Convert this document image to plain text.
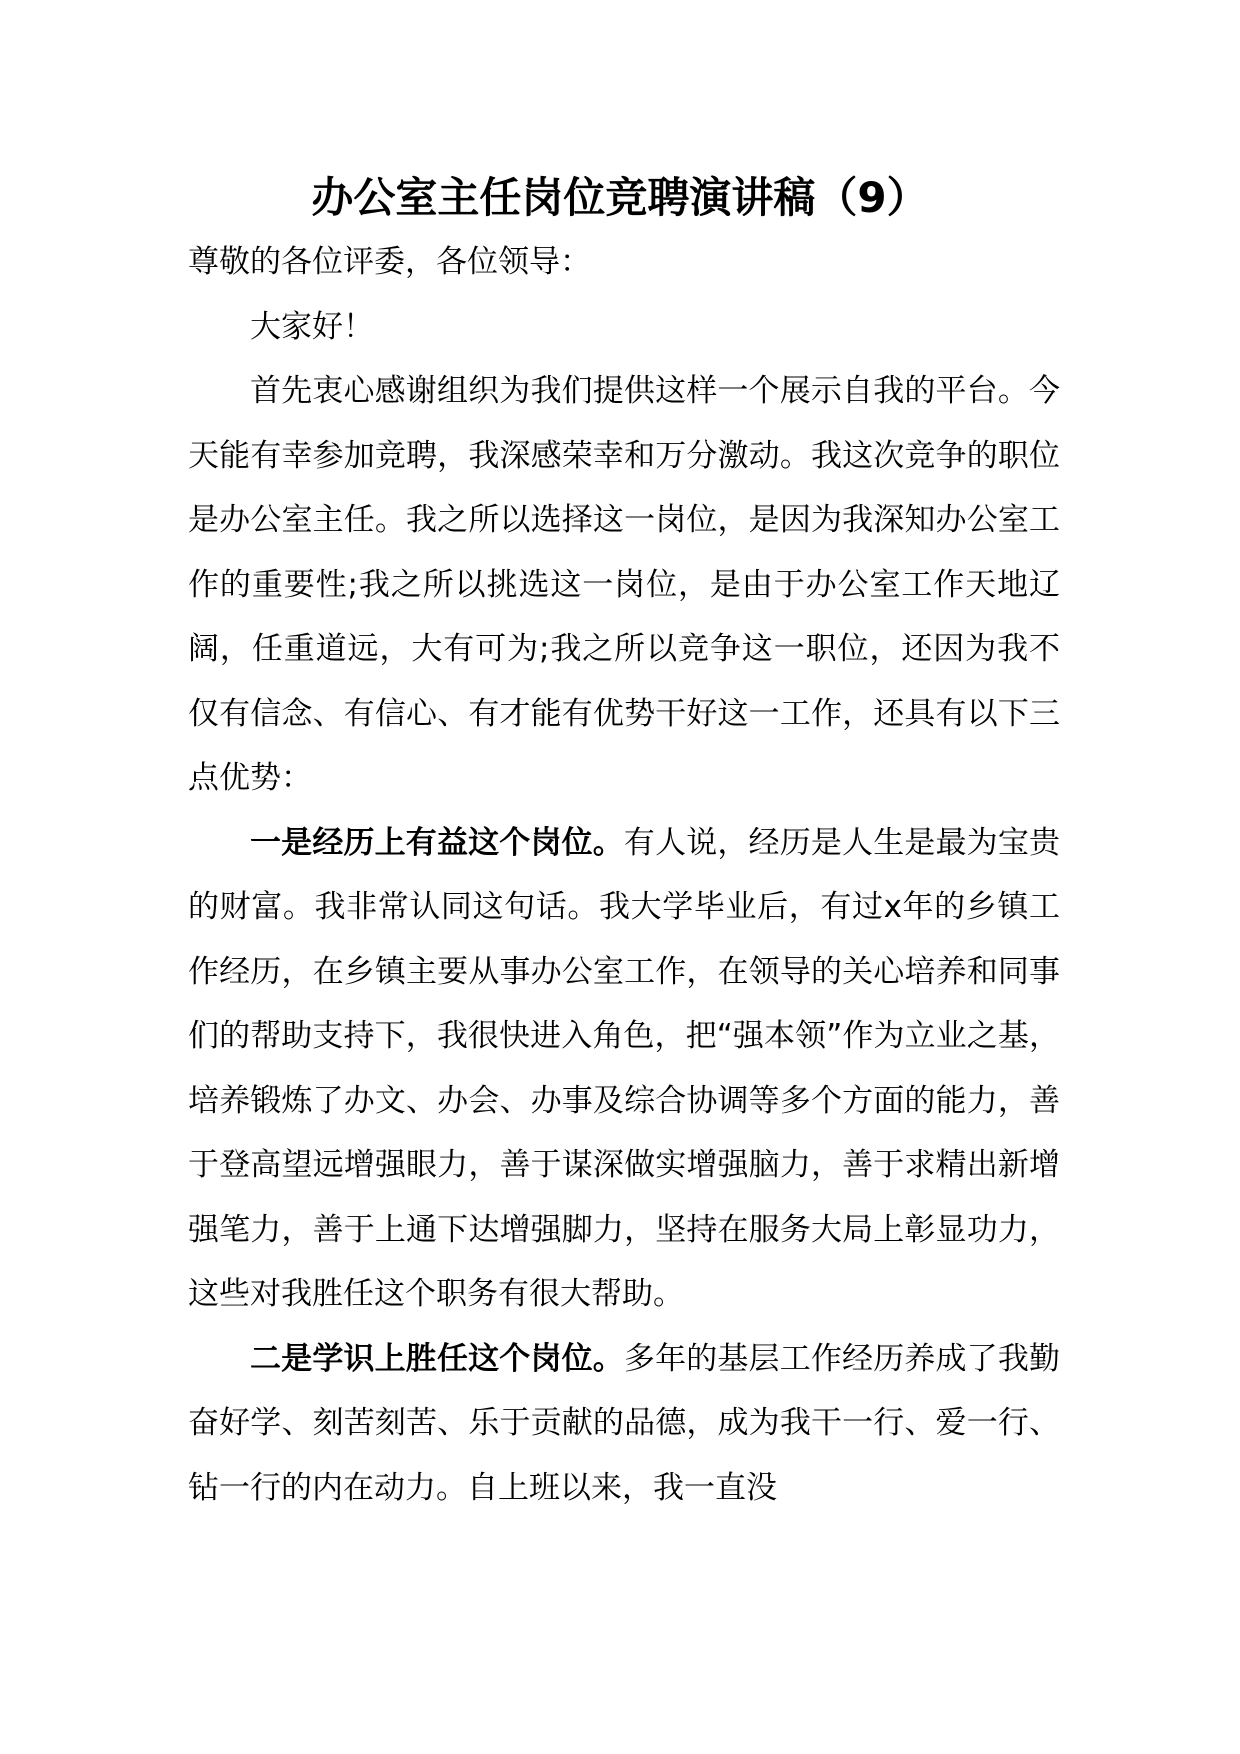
办公室主任岗位竞聘演讲稿（9）

尊敬的各位评委，各位领导：

大家好！

首先衷心感谢组织为我们提供这样一个展示自我的平台。今天能有幸参加竞聘，我深感荣幸和万分激动。我这次竞争的职位是办公室主任。我之所以选择这一岗位，是因为我深知办公室工作的重要性;我之所以挑选这一岗位，是由于办公室工作天地辽阔，任重道远，大有可为;我之所以竞争这一职位，还因为我不仅有信念、有信心、有才能有优势干好这一工作，还具有以下三点优势：

一是经历上有益这个岗位。有人说，经历是人生是最为宝贵的财富。我非常认同这句话。我大学毕业后，有过x年的乡镇工作经历，在乡镇主要从事办公室工作，在领导的关心培养和同事们的帮助支持下，我很快进入角色，把“强本领”作为立业之基，培养锻炼了办文、办会、办事及综合协调等多个方面的能力，善于登高望远增强眼力，善于谋深做实增强脑力，善于求精出新增强笔力，善于上通下达增强脚力，坚持在服务大局上彰显功力，这些对我胜任这个职务有很大帮助。

二是学识上胜任这个岗位。多年的基层工作经历养成了我勤奋好学、刻苦刻苦、乐于贡献的品德，成为我干一行、爱一行、钻一行的内在动力。自上班以来，我一直没
